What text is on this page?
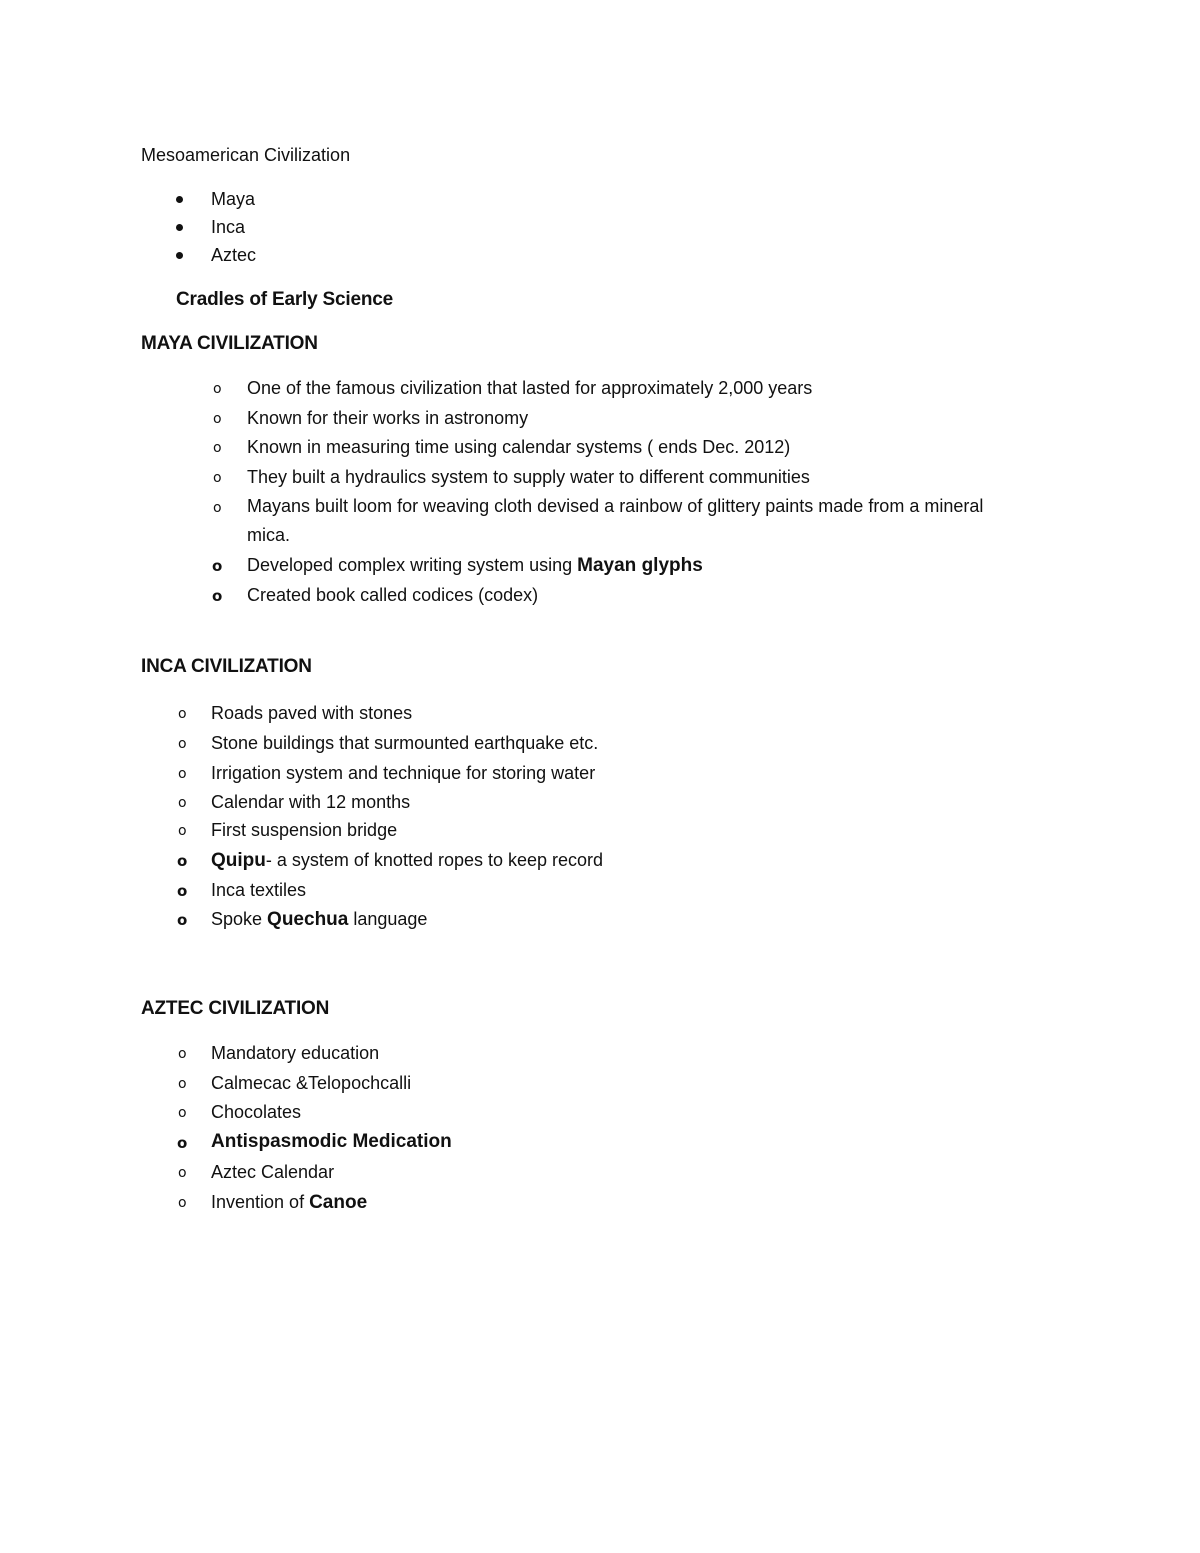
Mesoamerican Civilization
Maya
Inca
Aztec
Cradles of Early Science
MAYA CIVILIZATION
o One of the famous civilization that lasted for approximately 2,000 years
o Known for their works in astronomy
o Known in measuring time using calendar systems ( ends Dec. 2012)
o They built a hydraulics system to supply water to different communities
o Mayans built loom for weaving cloth devised a rainbow of glittery paints made from a mineral mica.
o Developed complex writing system using Mayan glyphs
o Created book called codices (codex)
INCA CIVILIZATION
o Roads paved with stones
o Stone buildings that surmounted earthquake etc.
o Irrigation system and technique for storing water
o Calendar with 12 months
o First suspension bridge
o Quipu- a system of knotted ropes to keep record
o Inca textiles
o Spoke Quechua language
AZTEC CIVILIZATION
o Mandatory education
o Calmecac &Telopochcalli
o Chocolates
o Antispasmodic Medication
o Aztec Calendar
o Invention of Canoe
